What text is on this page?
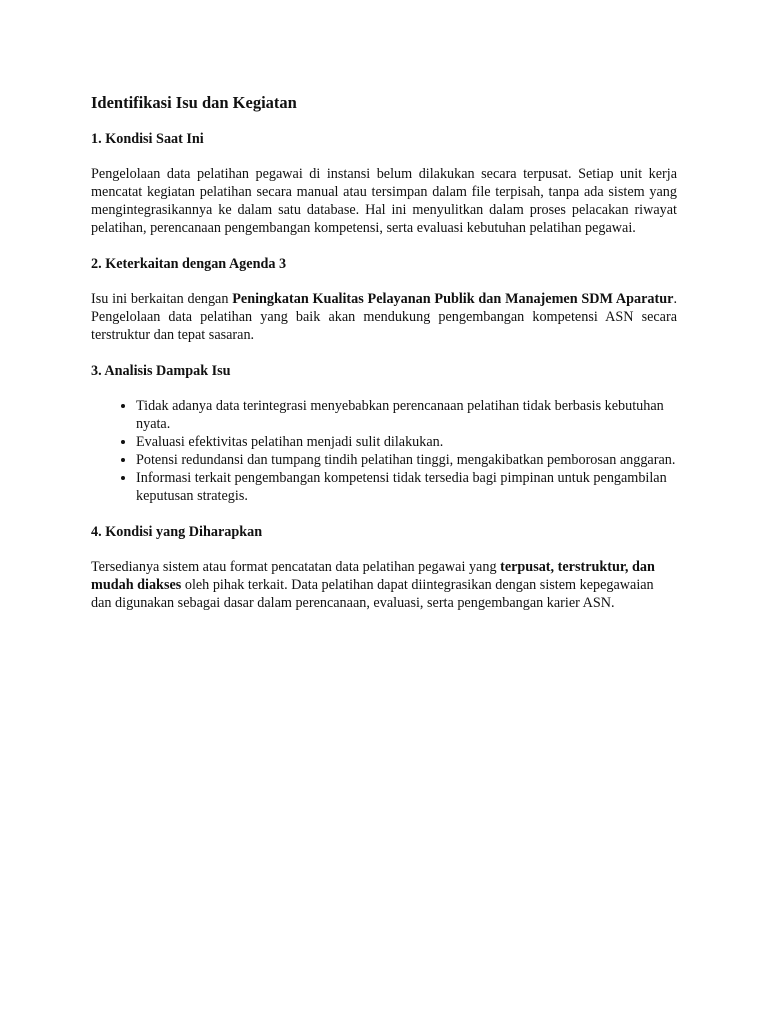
Identifikasi Isu dan Kegiatan
1. Kondisi Saat Ini

Pengelolaan data pelatihan pegawai di instansi belum dilakukan secara terpusat. Setiap unit kerja mencatat kegiatan pelatihan secara manual atau tersimpan dalam file terpisah, tanpa ada sistem yang mengintegrasikannya ke dalam satu database. Hal ini menyulitkan dalam proses pelacakan riwayat pelatihan, perencanaan pengembangan kompetensi, serta evaluasi kebutuhan pelatihan pegawai.

2. Keterkaitan dengan Agenda 3

Isu ini berkaitan dengan Peningkatan Kualitas Pelayanan Publik dan Manajemen SDM Aparatur. Pengelolaan data pelatihan yang baik akan mendukung pengembangan kompetensi ASN secara terstruktur dan tepat sasaran.

3. Analisis Dampak Isu
• Tidak adanya data terintegrasi menyebabkan perencanaan pelatihan tidak berbasis kebutuhan nyata.
• Evaluasi efektivitas pelatihan menjadi sulit dilakukan.
• Potensi redundansi dan tumpang tindih pelatihan tinggi, mengakibatkan pemborosan anggaran.
• Informasi terkait pengembangan kompetensi tidak tersedia bagi pimpinan untuk pengambilan keputusan strategis.
4. Kondisi yang Diharapkan

Tersedianya sistem atau format pencatatan data pelatihan pegawai yang terpusat, terstruktur, dan mudah diakses oleh pihak terkait. Data pelatihan dapat diintegrasikan dengan sistem kepegawaian dan digunakan sebagai dasar dalam perencanaan, evaluasi, serta pengembangan karier ASN.
